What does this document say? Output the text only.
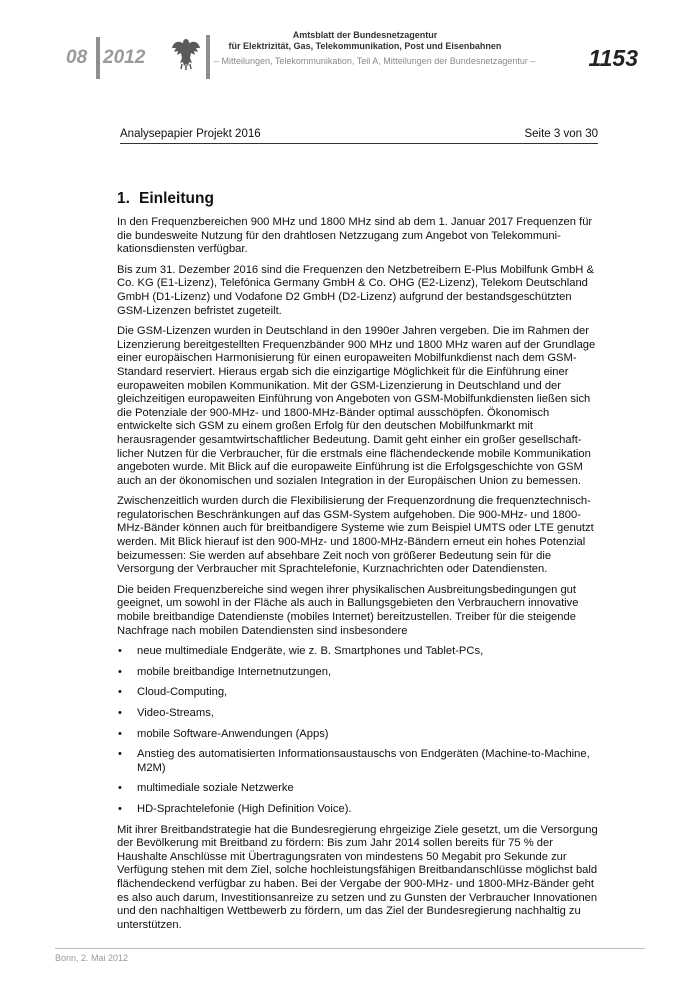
08 2012
Amtsblatt der Bundesnetzagentur
für Elektrizität, Gas, Telekommunikation, Post und Eisenbahnen
– Mitteilungen, Telekommunikation, Teil A, Mitteilungen der Bundesnetzagentur – 1153
Analysepapier Projekt 2016	Seite 3 von 30
1. Einleitung

In den Frequenzbereichen 900 MHz und 1800 MHz sind ab dem 1. Januar 2017 Frequenzen für die bundesweite Nutzung für den drahtlosen Netzzugang zum Angebot von Telekommunikationsdiensten verfügbar.

Bis zum 31. Dezember 2016 sind die Frequenzen den Netzbetreibern E-Plus Mobilfunk GmbH & Co. KG (E1-Lizenz), Telefónica Germany GmbH & Co. OHG (E2-Lizenz), Telekom Deutschland GmbH (D1-Lizenz) und Vodafone D2 GmbH (D2-Lizenz) aufgrund der bestandsgeschützten GSM-Lizenzen befristet zugeteilt.

Die GSM-Lizenzen wurden in Deutschland in den 1990er Jahren vergeben. Die im Rahmen der Lizenzierung bereitgestellten Frequenzbänder 900 MHz und 1800 MHz waren auf der Grundlage einer europäischen Harmonisierung für einen europaweiten Mobilfunkdienst nach dem GSM-Standard reserviert. Hieraus ergab sich die einzigartige Möglichkeit für die Einführung einer europaweiten mobilen Kommunikation. Mit der GSM-Lizenzierung in Deutschland und der gleichzeitigen europaweiten Einführung von Angeboten von GSM-Mobilfunkdiensten ließen sich die Potenziale der 900-MHz- und 1800-MHz-Bänder optimal ausschöpfen. Ökonomisch entwickelte sich GSM zu einem großen Erfolg für den deutschen Mobilfunkmarkt mit herausragender gesamtwirtschaftlicher Bedeutung. Damit geht einher ein großer gesellschaftlicher Nutzen für die Verbraucher, für die erstmals eine flächendeckende mobile Kommunikation angeboten wurde. Mit Blick auf die europaweite Einführung ist die Erfolgsgeschichte von GSM auch an der ökonomischen und sozialen Integration in der Europäischen Union zu bemessen.

Zwischenzeitlich wurden durch die Flexibilisierung der Frequenzordnung die frequenztechnisch-regulatorischen Beschränkungen auf das GSM-System aufgehoben. Die 900-MHz- und 1800-MHz-Bänder können auch für breitbandigere Systeme wie zum Beispiel UMTS oder LTE genutzt werden. Mit Blick hierauf ist den 900-MHz- und 1800-MHz-Bändern erneut ein hohes Potenzial beizumessen: Sie werden auf absehbare Zeit noch von größerer Bedeutung sein für die Versorgung der Verbraucher mit Sprachtelefonie, Kurznachrichten oder Datendiensten.

Die beiden Frequenzbereiche sind wegen ihrer physikalischen Ausbreitungsbedingungen gut geeignet, um sowohl in der Fläche als auch in Ballungsgebieten den Verbrauchern innovative mobile breitbandige Datendienste (mobiles Internet) bereitzustellen. Treiber für die steigende Nachfrage nach mobilen Datendiensten sind insbesondere

• neue multimediale Endgeräte, wie z. B. Smartphones und Tablet-PCs,
• mobile breitbandige Internetnutzungen,
• Cloud-Computing,
• Video-Streams,
• mobile Software-Anwendungen (Apps)
• Anstieg des automatisierten Informationsaustauschs von Endgeräten (Machine-to-Machine, M2M)
• multimediale soziale Netzwerke
• HD-Sprachtelefonie (High Definition Voice).

Mit ihrer Breitbandstrategie hat die Bundesregierung ehrgeizige Ziele gesetzt, um die Versorgung der Bevölkerung mit Breitband zu fördern: Bis zum Jahr 2014 sollen bereits für 75 % der Haushalte Anschlüsse mit Übertragungsraten von mindestens 50 Megabit pro Sekunde zur Verfügung stehen mit dem Ziel, solche hochleistungsfähigen Breitbandanschlüsse möglichst bald flächendeckend verfügbar zu haben. Bei der Vergabe der 900-MHz- und 1800-MHz-Bänder geht es also auch darum, Investitionsanreize zu setzen und zu Gunsten der Verbraucher Innovationen und den nachhaltigen Wettbewerb zu fördern, um das Ziel der Bundesregierung nachhaltig zu unterstützen.

Bonn, 2. Mai 2012
